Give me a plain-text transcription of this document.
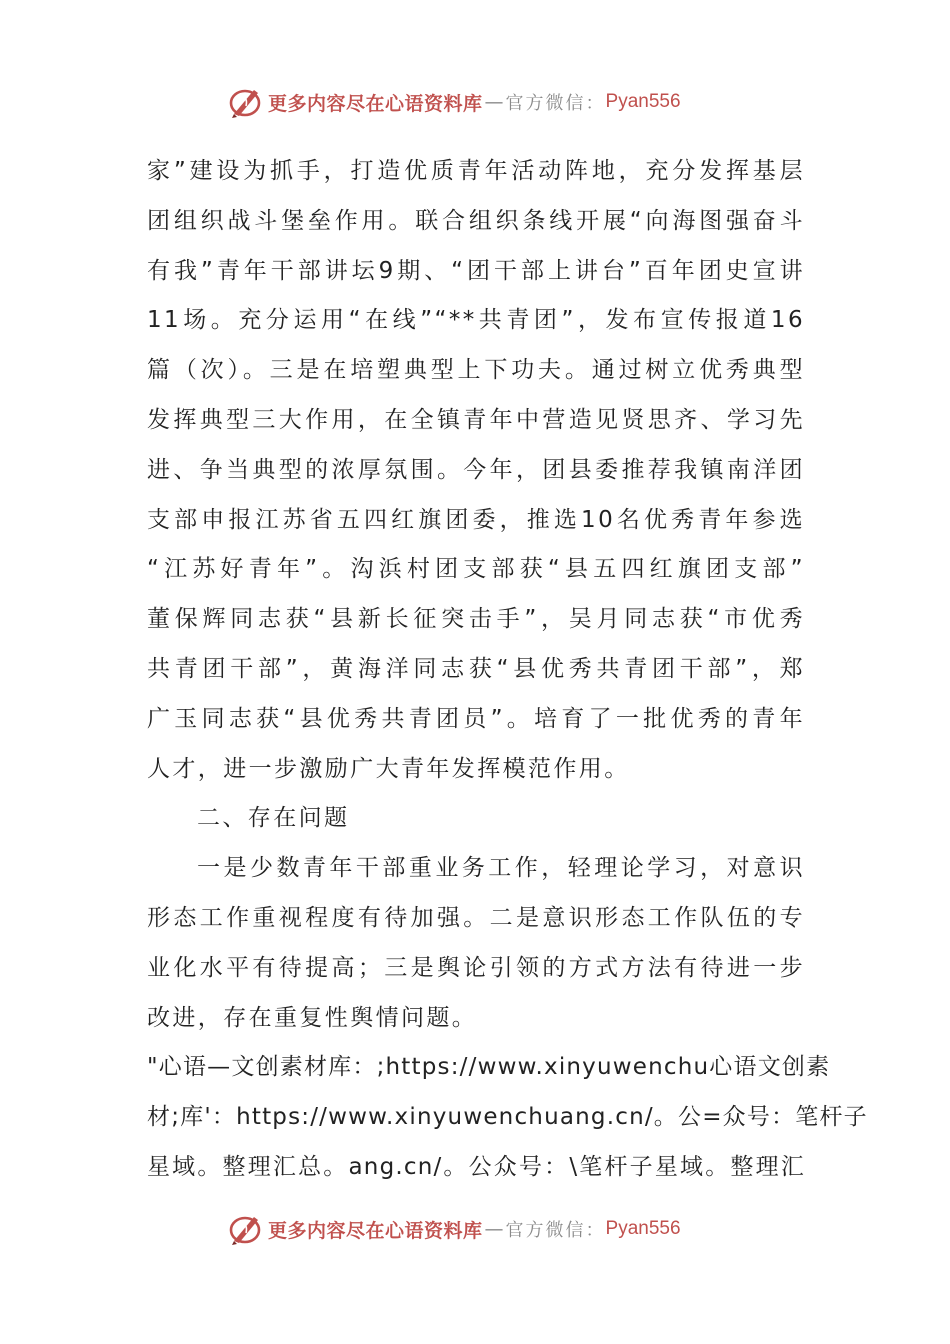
更多内容尽在心语资料库 — 官方微信： Pyan556
家”建设为抓手，打造优质青年活动阵地，充分发挥基层
团组织战斗堡垒作用。联合组织条线开展“向海图强奋斗
有我”青年干部讲坛9期、“团干部上讲台”百年团史宣讲
11场。充分运用“在线”“**共青团”，发布宣传报道16
篇（次）。三是在培塑典型上下功夫。通过树立优秀典型
发挥典型三大作用，在全镇青年中营造见贤思齐、学习先
进、争当典型的浓厚氛围。今年，团县委推荐我镇南洋团
支部申报江苏省五四红旗团委，推选10名优秀青年参选
“江苏好青年”。沟浜村团支部获“县五四红旗团支部”
董保辉同志获“县新长征突击手”，吴月同志获“市优秀
共青团干部”，黄海洋同志获“县优秀共青团干部”，郑
广玉同志获“县优秀共青团员”。培育了一批优秀的青年
人才，进一步激励广大青年发挥模范作用。
二、存在问题
一是少数青年干部重业务工作，轻理论学习，对意识
形态工作重视程度有待加强。二是意识形态工作队伍的专
业化水平有待提高；三是舆论引领的方式方法有待进一步
改进，存在重复性舆情问题。
"心语—文创素材库：;https://www.xinyuwenchu心语文创素
材;库'：https://www.xinyuwenchuang.cn/。公=众号：笔杆子
星域。整理汇总。ang.cn/。公众号：\笔杆子星域。整理汇
更多内容尽在心语资料库 — 官方微信： Pyan556
